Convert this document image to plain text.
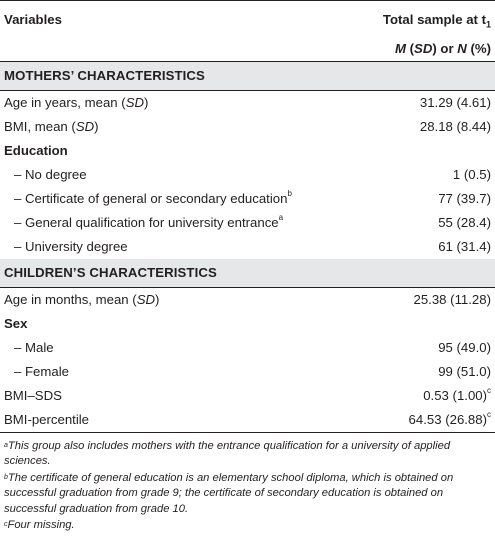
Variables	Total sample at $t_1$
M (SD) or N (%)
MOTHERS’ CHARACTERISTICS	
Age in years, mean (SD)	31.29 (4.61)
BMI, mean (SD)	28.18 (8.44)
Education	
– No degree	1 (0.5)
– Certificate of general or secondary education$^b$	77 (39.7)
– General qualification for university entrance$^a$	55 (28.4)
– University degree	61 (31.4)
CHILDREN’S CHARACTERISTICS	
Age in months, mean (SD)	25.38 (11.28)
Sex	
– Male	95 (49.0)
– Female	99 (51.0)
BMI–SDS	0.53 $(1.00)^c$
BMI-percentile	64.53 $(26.88)^c$

$^a$This group also includes mothers with the entrance qualification for a university of applied sciences.

$^b$The certificate of general education is an elementary school diploma, which is obtained on successful graduation from grade 9; the certificate of secondary education is obtained on successful graduation from grade 10.

$^c$Four missing.
